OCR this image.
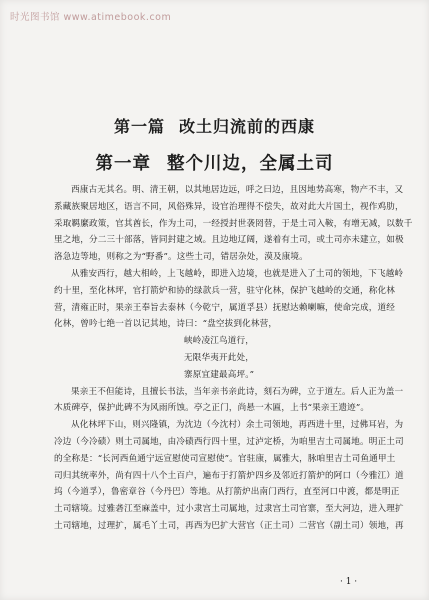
时光图书馆 www.atimebook.com
第一篇 改土归流前的西康
第一章 整个川边，全属土司
西康古无其名。明、清王朝，以其地居边远，呼之曰边，且因地势高寒，物产不丰，又
系藏族聚居地区，语言不同，风俗殊异，设官治理得不偿失，故对此大片国土，视作鸡肋，
采取羁縻政策，官其酋长，作为土司，一经授封世袭罔替，于是土司入鞍，有增无减，以数千
里之地，分二三十部落，皆同封建之域。且边地辽阔，遂着有土司，或土司亦未建立，如极
洛急边等地，则称之为“野番”。这些土司，错居杂处，漠及康境。
从雅安西行，越大相岭，上飞越岭，即进入边境，也就是进入了土司的领地，下飞越岭
约十里，至化林坪，官打箭炉和协的绿款兵一营，驻守化林，保护飞越岭的交通，称化林
营，清雍正时，果亲王奉旨去泰林（今乾宁，属道孚县）抚慰达赖喇嘛，使命完成，道经
化林，曾吟七绝一首以记其地，诗曰：“盘空拔到化林营，
峡岭凌江鸟道行，
无限华夷开此处，
寨原宜建最高坪。”
果亲王不但能诗，且擅长书法，当年亲书亲此诗，刻石为碑，立于道左。后人正为盖一
木质碑亭，保护此碑不为风雨所蚀。亭之正门，尚悬一木匾，上书“果亲王遗迹”。
从化林坪下山，则兴隆镇，为沈边（今沈村）余土司领地，再西进十里，过佛耳岩，为
冷边（今冷碛）则土司属地，由冷碛西行四十里，过泸定桥，为咱里吉土司属地。明正土司
的全称是：“长河西鱼通宁远宣慰使司宣慰使”。官驻康，属雅大，脉咱里吉土司鱼通甲土
司归其统率外，尚有四十八个土百户，遍布于打箭炉四乡及邻近打箭炉的阿口（今雅江）道
坞（今道孚），鲁密章谷（今丹巴）等地。从打箭炉出南门西行，直至河口中渡，都是明正
土司辖境。过雅砻江至麻盖中，过小隶宫土司属地，过隶宫土司官寨，至大河边，进入理扩
土司辖地，过理扩，属毛丫土司，再西为巴扩大营官（正土司）二营官（副土司）领地，再
· 1 ·
